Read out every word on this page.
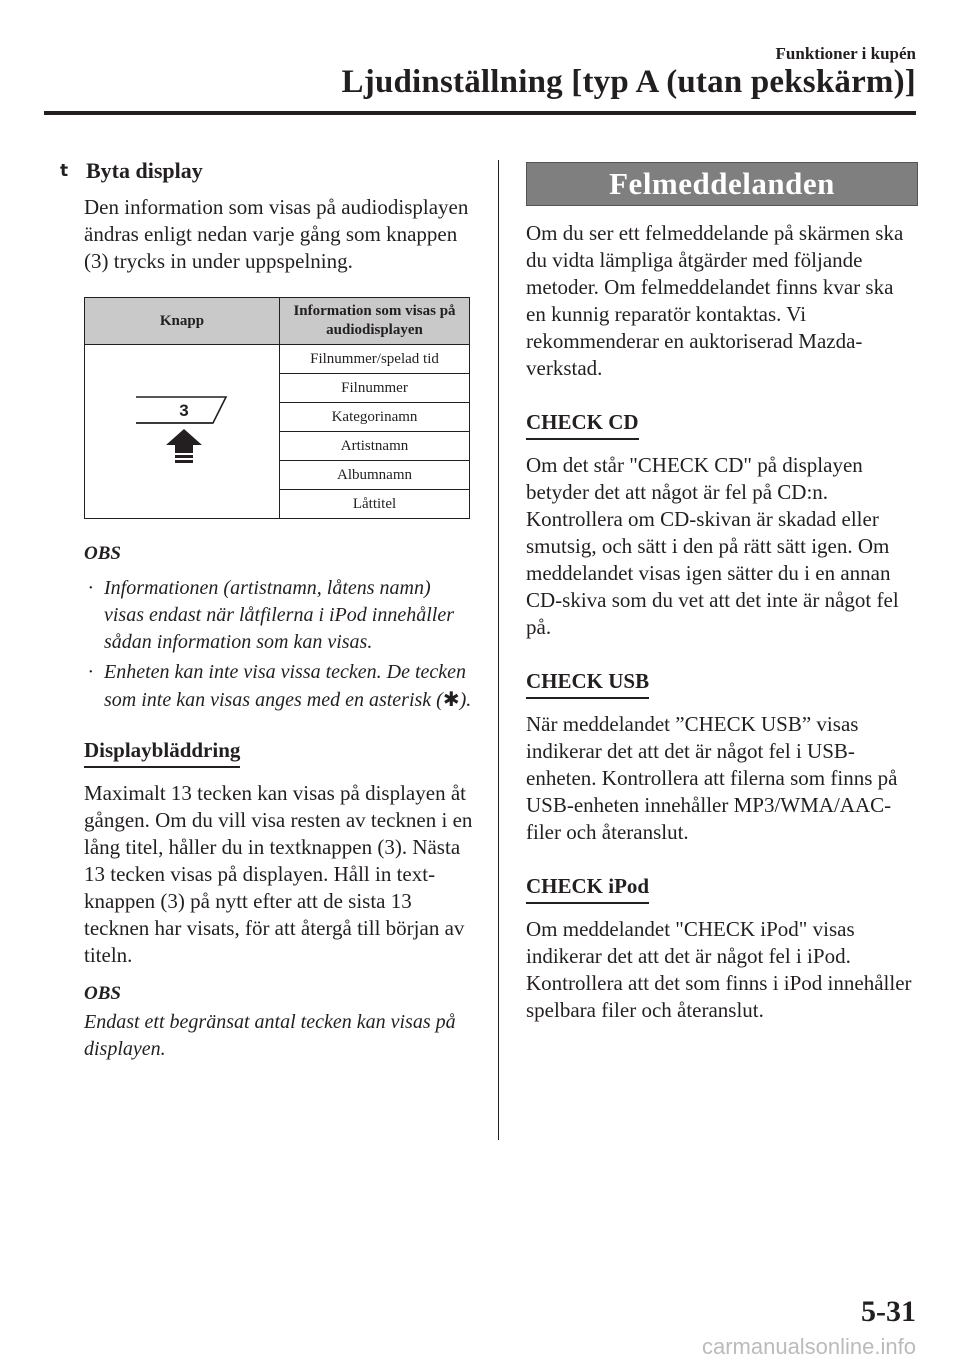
Funktioner i kupén
Ljudinställning [typ A (utan pekskärm)]
t Byta display

Den information som visas på audiodisplayen ändras enligt nedan varje gång som knappen (3) trycks in under uppspelning.

Knapp	Information som visas på audiodisplayen

3	Filnummer/spelad tid
	Filnummer
	Kategorinamn
	Artistnamn
	Albumnamn
	Låttitel
OBS
· Informationen (artistnamn, låtens namn) visas endast när låtfilerna i iPod innehåller sådan information som kan visas.
· Enheten kan inte visa vissa tecken. De tecken som inte kan visas anges med en asterisk (✱).
Displaybläddring

Maximalt 13 tecken kan visas på displayen åt gången. Om du vill visa resten av tecknen i en lång titel, håller du in textknappen (3). Nästa 13 tecken visas på displayen. Håll in text-knappen (3) på nytt efter att de sista 13 tecknen har visats, för att återgå till början av titeln.

OBS
Endast ett begränsat antal tecken kan visas på displayen.
Felmeddelanden

Om du ser ett felmeddelande på skärmen ska du vidta lämpliga åtgärder med följande metoder. Om felmeddelandet finns kvar ska en kunnig reparatör kontaktas. Vi rekommenderar en auktoriserad Mazda-verkstad.

CHECK CD

Om det står "CHECK CD" på displayen betyder det att något är fel på CD:n. Kontrollera om CD-skivan är skadad eller smutsig, och sätt i den på rätt sätt igen. Om meddelandet visas igen sätter du i en annan CD-skiva som du vet att det inte är något fel på.

CHECK USB

När meddelandet ”CHECK USB” visas indikerar det att det är något fel i USB-enheten. Kontrollera att filerna som finns på USB-enheten innehåller MP3/WMA/AAC-filer och återanslut.

CHECK iPod

Om meddelandet "CHECK iPod" visas indikerar det att det är något fel i iPod. Kontrollera att det som finns i iPod innehåller spelbara filer och återanslut.

5-31
carmanualsonline.info
